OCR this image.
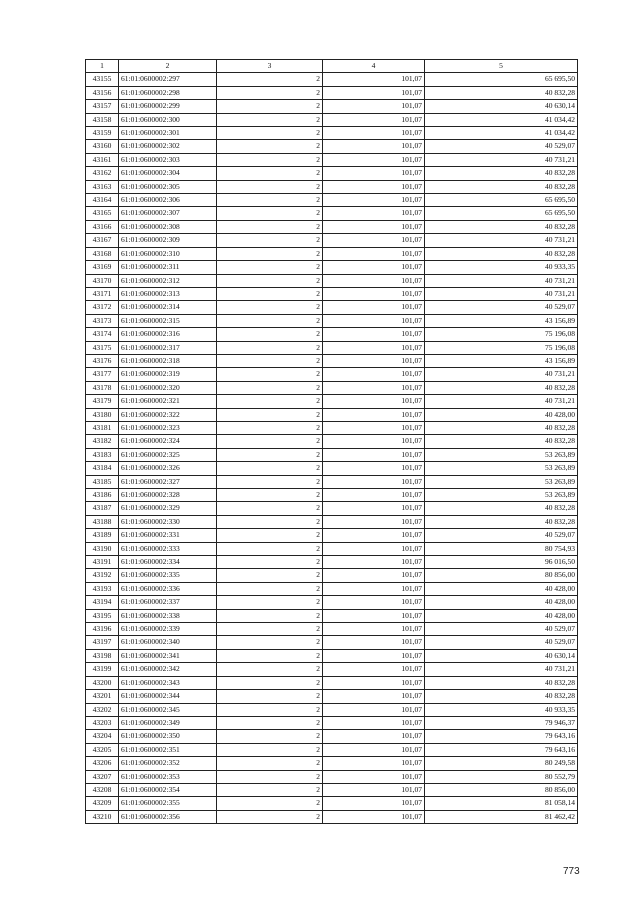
1	2	3	4	5
43155	61:01:0600002:297	2	101,07	65 695,50
43156	61:01:0600002:298	2	101,07	40 832,28
43157	61:01:0600002:299	2	101,07	40 630,14
43158	61:01:0600002:300	2	101,07	41 034,42
43159	61:01:0600002:301	2	101,07	41 034,42
43160	61:01:0600002:302	2	101,07	40 529,07
43161	61:01:0600002:303	2	101,07	40 731,21
43162	61:01:0600002:304	2	101,07	40 832,28
43163	61:01:0600002:305	2	101,07	40 832,28
43164	61:01:0600002:306	2	101,07	65 695,50
43165	61:01:0600002:307	2	101,07	65 695,50
43166	61:01:0600002:308	2	101,07	40 832,28
43167	61:01:0600002:309	2	101,07	40 731,21
43168	61:01:0600002:310	2	101,07	40 832,28
43169	61:01:0600002:311	2	101,07	40 933,35
43170	61:01:0600002:312	2	101,07	40 731,21
43171	61:01:0600002:313	2	101,07	40 731,21
43172	61:01:0600002:314	2	101,07	40 529,07
43173	61:01:0600002:315	2	101,07	43 156,89
43174	61:01:0600002:316	2	101,07	75 196,08
43175	61:01:0600002:317	2	101,07	75 196,08
43176	61:01:0600002:318	2	101,07	43 156,89
43177	61:01:0600002:319	2	101,07	40 731,21
43178	61:01:0600002:320	2	101,07	40 832,28
43179	61:01:0600002:321	2	101,07	40 731,21
43180	61:01:0600002:322	2	101,07	40 428,00
43181	61:01:0600002:323	2	101,07	40 832,28
43182	61:01:0600002:324	2	101,07	40 832,28
43183	61:01:0600002:325	2	101,07	53 263,89
43184	61:01:0600002:326	2	101,07	53 263,89
43185	61:01:0600002:327	2	101,07	53 263,89
43186	61:01:0600002:328	2	101,07	53 263,89
43187	61:01:0600002:329	2	101,07	40 832,28
43188	61:01:0600002:330	2	101,07	40 832,28
43189	61:01:0600002:331	2	101,07	40 529,07
43190	61:01:0600002:333	2	101,07	80 754,93
43191	61:01:0600002:334	2	101,07	96 016,50
43192	61:01:0600002:335	2	101,07	80 856,00
43193	61:01:0600002:336	2	101,07	40 428,00
43194	61:01:0600002:337	2	101,07	40 428,00
43195	61:01:0600002:338	2	101,07	40 428,00
43196	61:01:0600002:339	2	101,07	40 529,07
43197	61:01:0600002:340	2	101,07	40 529,07
43198	61:01:0600002:341	2	101,07	40 630,14
43199	61:01:0600002:342	2	101,07	40 731,21
43200	61:01:0600002:343	2	101,07	40 832,28
43201	61:01:0600002:344	2	101,07	40 832,28
43202	61:01:0600002:345	2	101,07	40 933,35
43203	61:01:0600002:349	2	101,07	79 946,37
43204	61:01:0600002:350	2	101,07	79 643,16
43205	61:01:0600002:351	2	101,07	79 643,16
43206	61:01:0600002:352	2	101,07	80 249,58
43207	61:01:0600002:353	2	101,07	80 552,79
43208	61:01:0600002:354	2	101,07	80 856,00
43209	61:01:0600002:355	2	101,07	81 058,14
43210	61:01:0600002:356	2	101,07	81 462,42
773
